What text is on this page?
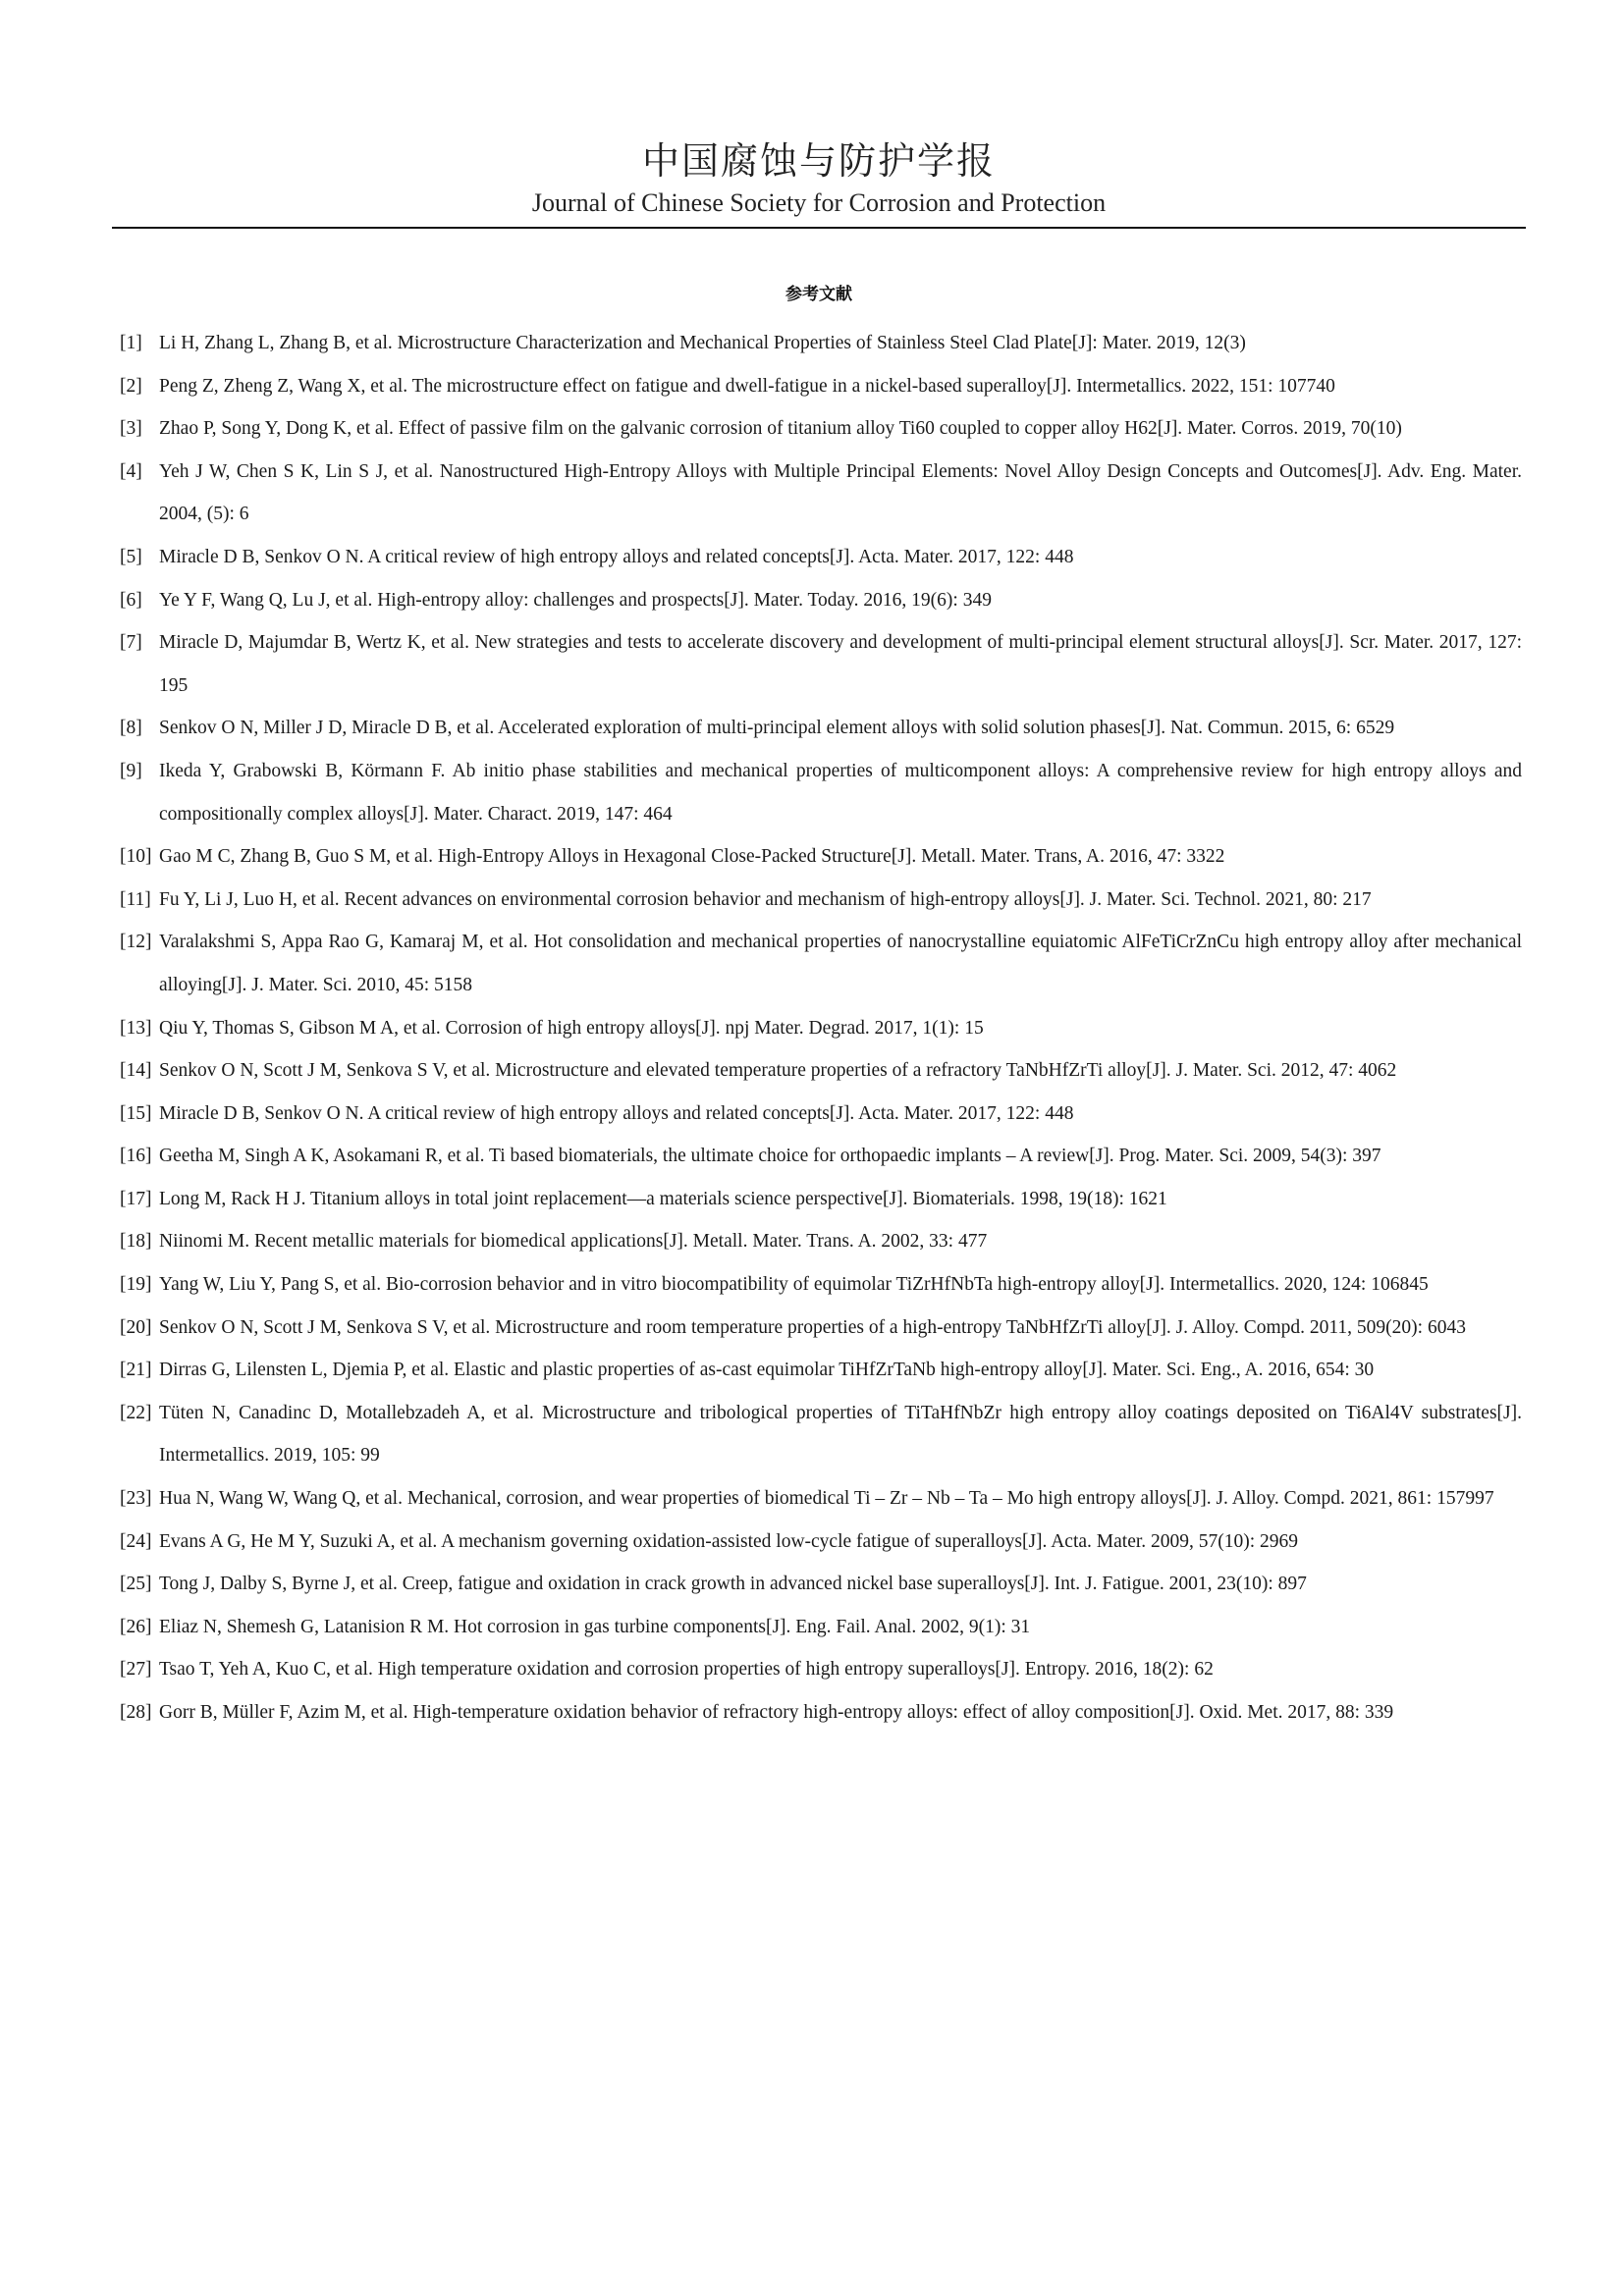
中国腐蚀与防护学报
Journal of Chinese Society for Corrosion and Protection
参考文献
[1] Li H, Zhang L, Zhang B, et al. Microstructure Characterization and Mechanical Properties of Stainless Steel Clad Plate[J]: Mater. 2019, 12(3)
[2] Peng Z, Zheng Z, Wang X, et al. The microstructure effect on fatigue and dwell-fatigue in a nickel-based superalloy[J]. Intermetallics. 2022, 151: 107740
[3] Zhao P, Song Y, Dong K, et al. Effect of passive film on the galvanic corrosion of titanium alloy Ti60 coupled to copper alloy H62[J]. Mater. Corros. 2019, 70(10)
[4] Yeh J W, Chen S K, Lin S J, et al. Nanostructured High-Entropy Alloys with Multiple Principal Elements: Novel Alloy Design Concepts and Outcomes[J]. Adv. Eng. Mater. 2004, (5): 6
[5] Miracle D B, Senkov O N. A critical review of high entropy alloys and related concepts[J]. Acta. Mater. 2017, 122: 448
[6] Ye Y F, Wang Q, Lu J, et al. High-entropy alloy: challenges and prospects[J]. Mater. Today. 2016, 19(6): 349
[7] Miracle D, Majumdar B, Wertz K, et al. New strategies and tests to accelerate discovery and development of multi-principal element structural alloys[J]. Scr. Mater. 2017, 127: 195
[8] Senkov O N, Miller J D, Miracle D B, et al. Accelerated exploration of multi-principal element alloys with solid solution phases[J]. Nat. Commun. 2015, 6: 6529
[9] Ikeda Y, Grabowski B, Körmann F. Ab initio phase stabilities and mechanical properties of multicomponent alloys: A comprehensive review for high entropy alloys and compositionally complex alloys[J]. Mater. Charact. 2019, 147: 464
[10] Gao M C, Zhang B, Guo S M, et al. High-Entropy Alloys in Hexagonal Close-Packed Structure[J]. Metall. Mater. Trans, A. 2016, 47: 3322
[11] Fu Y, Li J, Luo H, et al. Recent advances on environmental corrosion behavior and mechanism of high-entropy alloys[J]. J. Mater. Sci. Technol. 2021, 80: 217
[12] Varalakshmi S, Appa Rao G, Kamaraj M, et al. Hot consolidation and mechanical properties of nanocrystalline equiatomic AlFeTiCrZnCu high entropy alloy after mechanical alloying[J]. J. Mater. Sci. 2010, 45: 5158
[13] Qiu Y, Thomas S, Gibson M A, et al. Corrosion of high entropy alloys[J]. npj Mater. Degrad. 2017, 1(1): 15
[14] Senkov O N, Scott J M, Senkova S V, et al. Microstructure and elevated temperature properties of a refractory TaNbHfZrTi alloy[J]. J. Mater. Sci. 2012, 47: 4062
[15] Miracle D B, Senkov O N. A critical review of high entropy alloys and related concepts[J]. Acta. Mater. 2017, 122: 448
[16] Geetha M, Singh A K, Asokamani R, et al. Ti based biomaterials, the ultimate choice for orthopaedic implants – A review[J]. Prog. Mater. Sci. 2009, 54(3): 397
[17] Long M, Rack H J. Titanium alloys in total joint replacement—a materials science perspective[J]. Biomaterials. 1998, 19(18): 1621
[18] Niinomi M. Recent metallic materials for biomedical applications[J]. Metall. Mater. Trans. A. 2002, 33: 477
[19] Yang W, Liu Y, Pang S, et al. Bio-corrosion behavior and in vitro biocompatibility of equimolar TiZrHfNbTa high-entropy alloy[J]. Intermetallics. 2020, 124: 106845
[20] Senkov O N, Scott J M, Senkova S V, et al. Microstructure and room temperature properties of a high-entropy TaNbHfZrTi alloy[J]. J. Alloy. Compd. 2011, 509(20): 6043
[21] Dirras G, Lilensten L, Djemia P, et al. Elastic and plastic properties of as-cast equimolar TiHfZrTaNb high-entropy alloy[J]. Mater. Sci. Eng., A. 2016, 654: 30
[22] Tüten N, Canadinc D, Motallebzadeh A, et al. Microstructure and tribological properties of TiTaHfNbZr high entropy alloy coatings deposited on Ti6Al4V substrates[J]. Intermetallics. 2019, 105: 99
[23] Hua N, Wang W, Wang Q, et al. Mechanical, corrosion, and wear properties of biomedical Ti – Zr – Nb – Ta – Mo high entropy alloys[J]. J. Alloy. Compd. 2021, 861: 157997
[24] Evans A G, He M Y, Suzuki A, et al. A mechanism governing oxidation-assisted low-cycle fatigue of superalloys[J]. Acta. Mater. 2009, 57(10): 2969
[25] Tong J, Dalby S, Byrne J, et al. Creep, fatigue and oxidation in crack growth in advanced nickel base superalloys[J]. Int. J. Fatigue. 2001, 23(10): 897
[26] Eliaz N, Shemesh G, Latanision R M. Hot corrosion in gas turbine components[J]. Eng. Fail. Anal. 2002, 9(1): 31
[27] Tsao T, Yeh A, Kuo C, et al. High temperature oxidation and corrosion properties of high entropy superalloys[J]. Entropy. 2016, 18(2): 62
[28] Gorr B, Müller F, Azim M, et al. High-temperature oxidation behavior of refractory high-entropy alloys: effect of alloy composition[J]. Oxid. Met. 2017, 88: 339
